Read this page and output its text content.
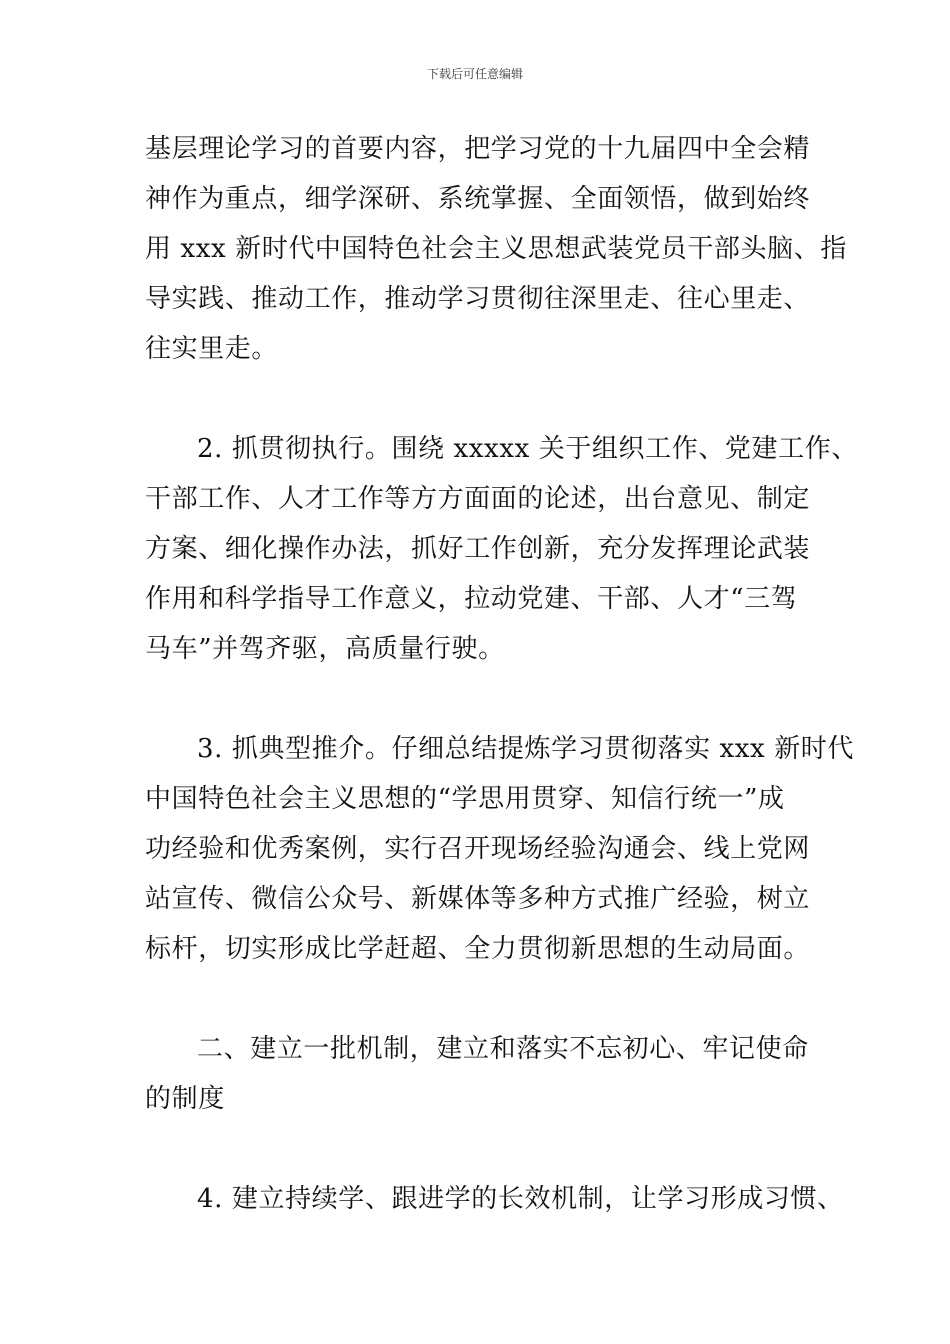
下载后可任意编辑
基层理论学习的首要内容，把学习党的十九届四中全会精
神作为重点，细学深研、系统掌握、全面领悟，做到始终
用 xxx 新时代中国特色社会主义思想武装党员干部头脑、指
导实践、推动工作，推动学习贯彻往深里走、往心里走、
往实里走。
2. 抓贯彻执行。围绕 xxxxx 关于组织工作、党建工作、
干部工作、人才工作等方方面面的论述，出台意见、制定
方案、细化操作办法，抓好工作创新，充分发挥理论武装
作用和科学指导工作意义，拉动党建、干部、人才“三驾
马车”并驾齐驱，高质量行驶。
3. 抓典型推介。仔细总结提炼学习贯彻落实 xxx 新时代
中国特色社会主义思想的“学思用贯穿、知信行统一”成
功经验和优秀案例，实行召开现场经验沟通会、线上党网
站宣传、微信公众号、新媒体等多种方式推广经验，树立
标杆，切实形成比学赶超、全力贯彻新思想的生动局面。
二、建立一批机制，建立和落实不忘初心、牢记使命
的制度
4. 建立持续学、跟进学的长效机制，让学习形成习惯、
